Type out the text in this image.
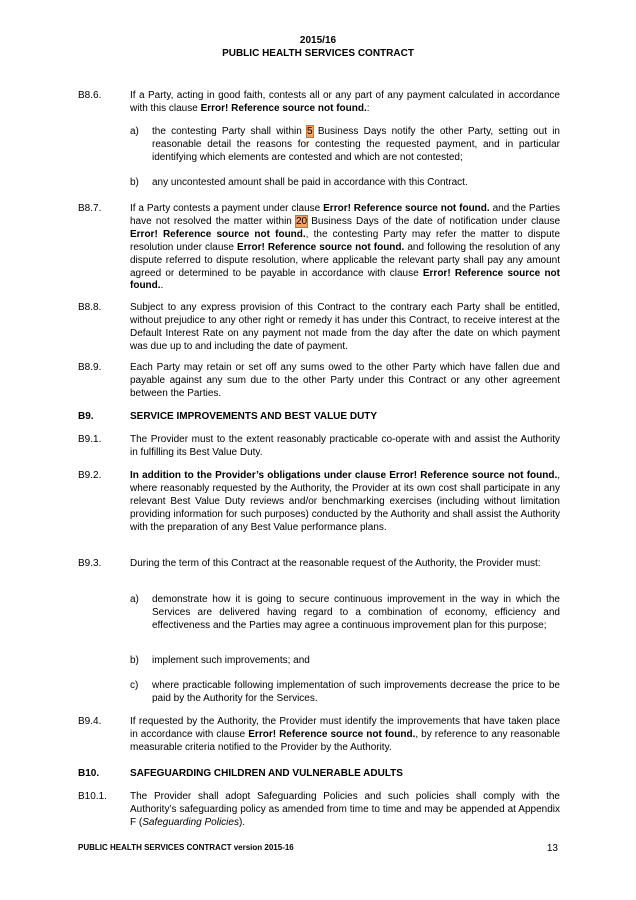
2015/16
PUBLIC HEALTH SERVICES CONTRACT
B8.6.	If a Party, acting in good faith, contests all or any part of any payment calculated in accordance with this clause Error! Reference source not found.:
a) the contesting Party shall within 5 Business Days notify the other Party, setting out in reasonable detail the reasons for contesting the requested payment, and in particular identifying which elements are contested and which are not contested;
b) any uncontested amount shall be paid in accordance with this Contract.
B8.7.	If a Party contests a payment under clause Error! Reference source not found. and the Parties have not resolved the matter within 20 Business Days of the date of notification under clause Error! Reference source not found., the contesting Party may refer the matter to dispute resolution under clause Error! Reference source not found. and following the resolution of any dispute referred to dispute resolution, where applicable the relevant party shall pay any amount agreed or determined to be payable in accordance with clause Error! Reference source not found..
B8.8.	Subject to any express provision of this Contract to the contrary each Party shall be entitled, without prejudice to any other right or remedy it has under this Contract, to receive interest at the Default Interest Rate on any payment not made from the day after the date on which payment was due up to and including the date of payment.
B8.9.	Each Party may retain or set off any sums owed to the other Party which have fallen due and payable against any sum due to the other Party under this Contract or any other agreement between the Parties.
B9.	SERVICE IMPROVEMENTS AND BEST VALUE DUTY
B9.1.	The Provider must to the extent reasonably practicable co-operate with and assist the Authority in fulfilling its Best Value Duty.
B9.2.	In addition to the Provider’s obligations under clause Error! Reference source not found., where reasonably requested by the Authority, the Provider at its own cost shall participate in any relevant Best Value Duty reviews and/or benchmarking exercises (including without limitation providing information for such purposes) conducted by the Authority and shall assist the Authority with the preparation of any Best Value performance plans.
B9.3.	During the term of this Contract at the reasonable request of the Authority, the Provider must:
a) demonstrate how it is going to secure continuous improvement in the way in which the Services are delivered having regard to a combination of economy, efficiency and effectiveness and the Parties may agree a continuous improvement plan for this purpose;
b) implement such improvements; and
c) where practicable following implementation of such improvements decrease the price to be paid by the Authority for the Services.
B9.4.	If requested by the Authority, the Provider must identify the improvements that have taken place in accordance with clause Error! Reference source not found., by reference to any reasonable measurable criteria notified to the Provider by the Authority.
B10.	SAFEGUARDING CHILDREN AND VULNERABLE ADULTS
B10.1. The Provider shall adopt Safeguarding Policies and such policies shall comply with the Authority’s safeguarding policy as amended from time to time and may be appended at Appendix F (Safeguarding Policies).
PUBLIC HEALTH SERVICES CONTRACT version 2015-16	13
